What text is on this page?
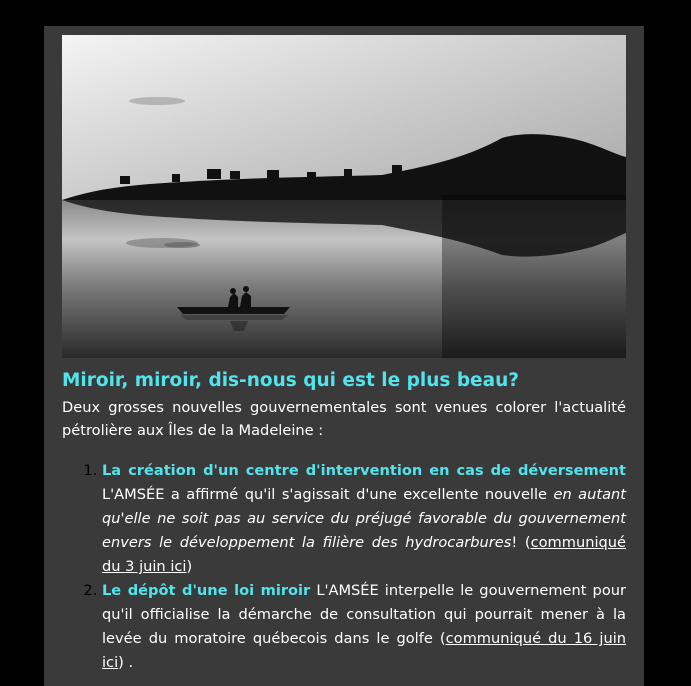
Miroir, miroir, dis-nous qui est le plus beau?

Deux grosses nouvelles gouvernementales sont venues colorer l'actualité pétrolière aux Îles de la Madeleine :

1. La création d'un centre d'intervention en cas de déversement L'AMSÉE a affirmé qu'il s'agissait d'une excellente nouvelle en autant qu'elle ne soit pas au service du préjugé favorable du gouvernement envers le développement la filière des hydrocarbures! (communiqué du 3 juin ici)
2. Le dépôt d'une loi miroir L'AMSÉE interpelle le gouvernement pour qu'il officialise la démarche de consultation qui pourrait mener à la levée du moratoire québecois dans le golfe (communiqué du 16 juin ici) .
